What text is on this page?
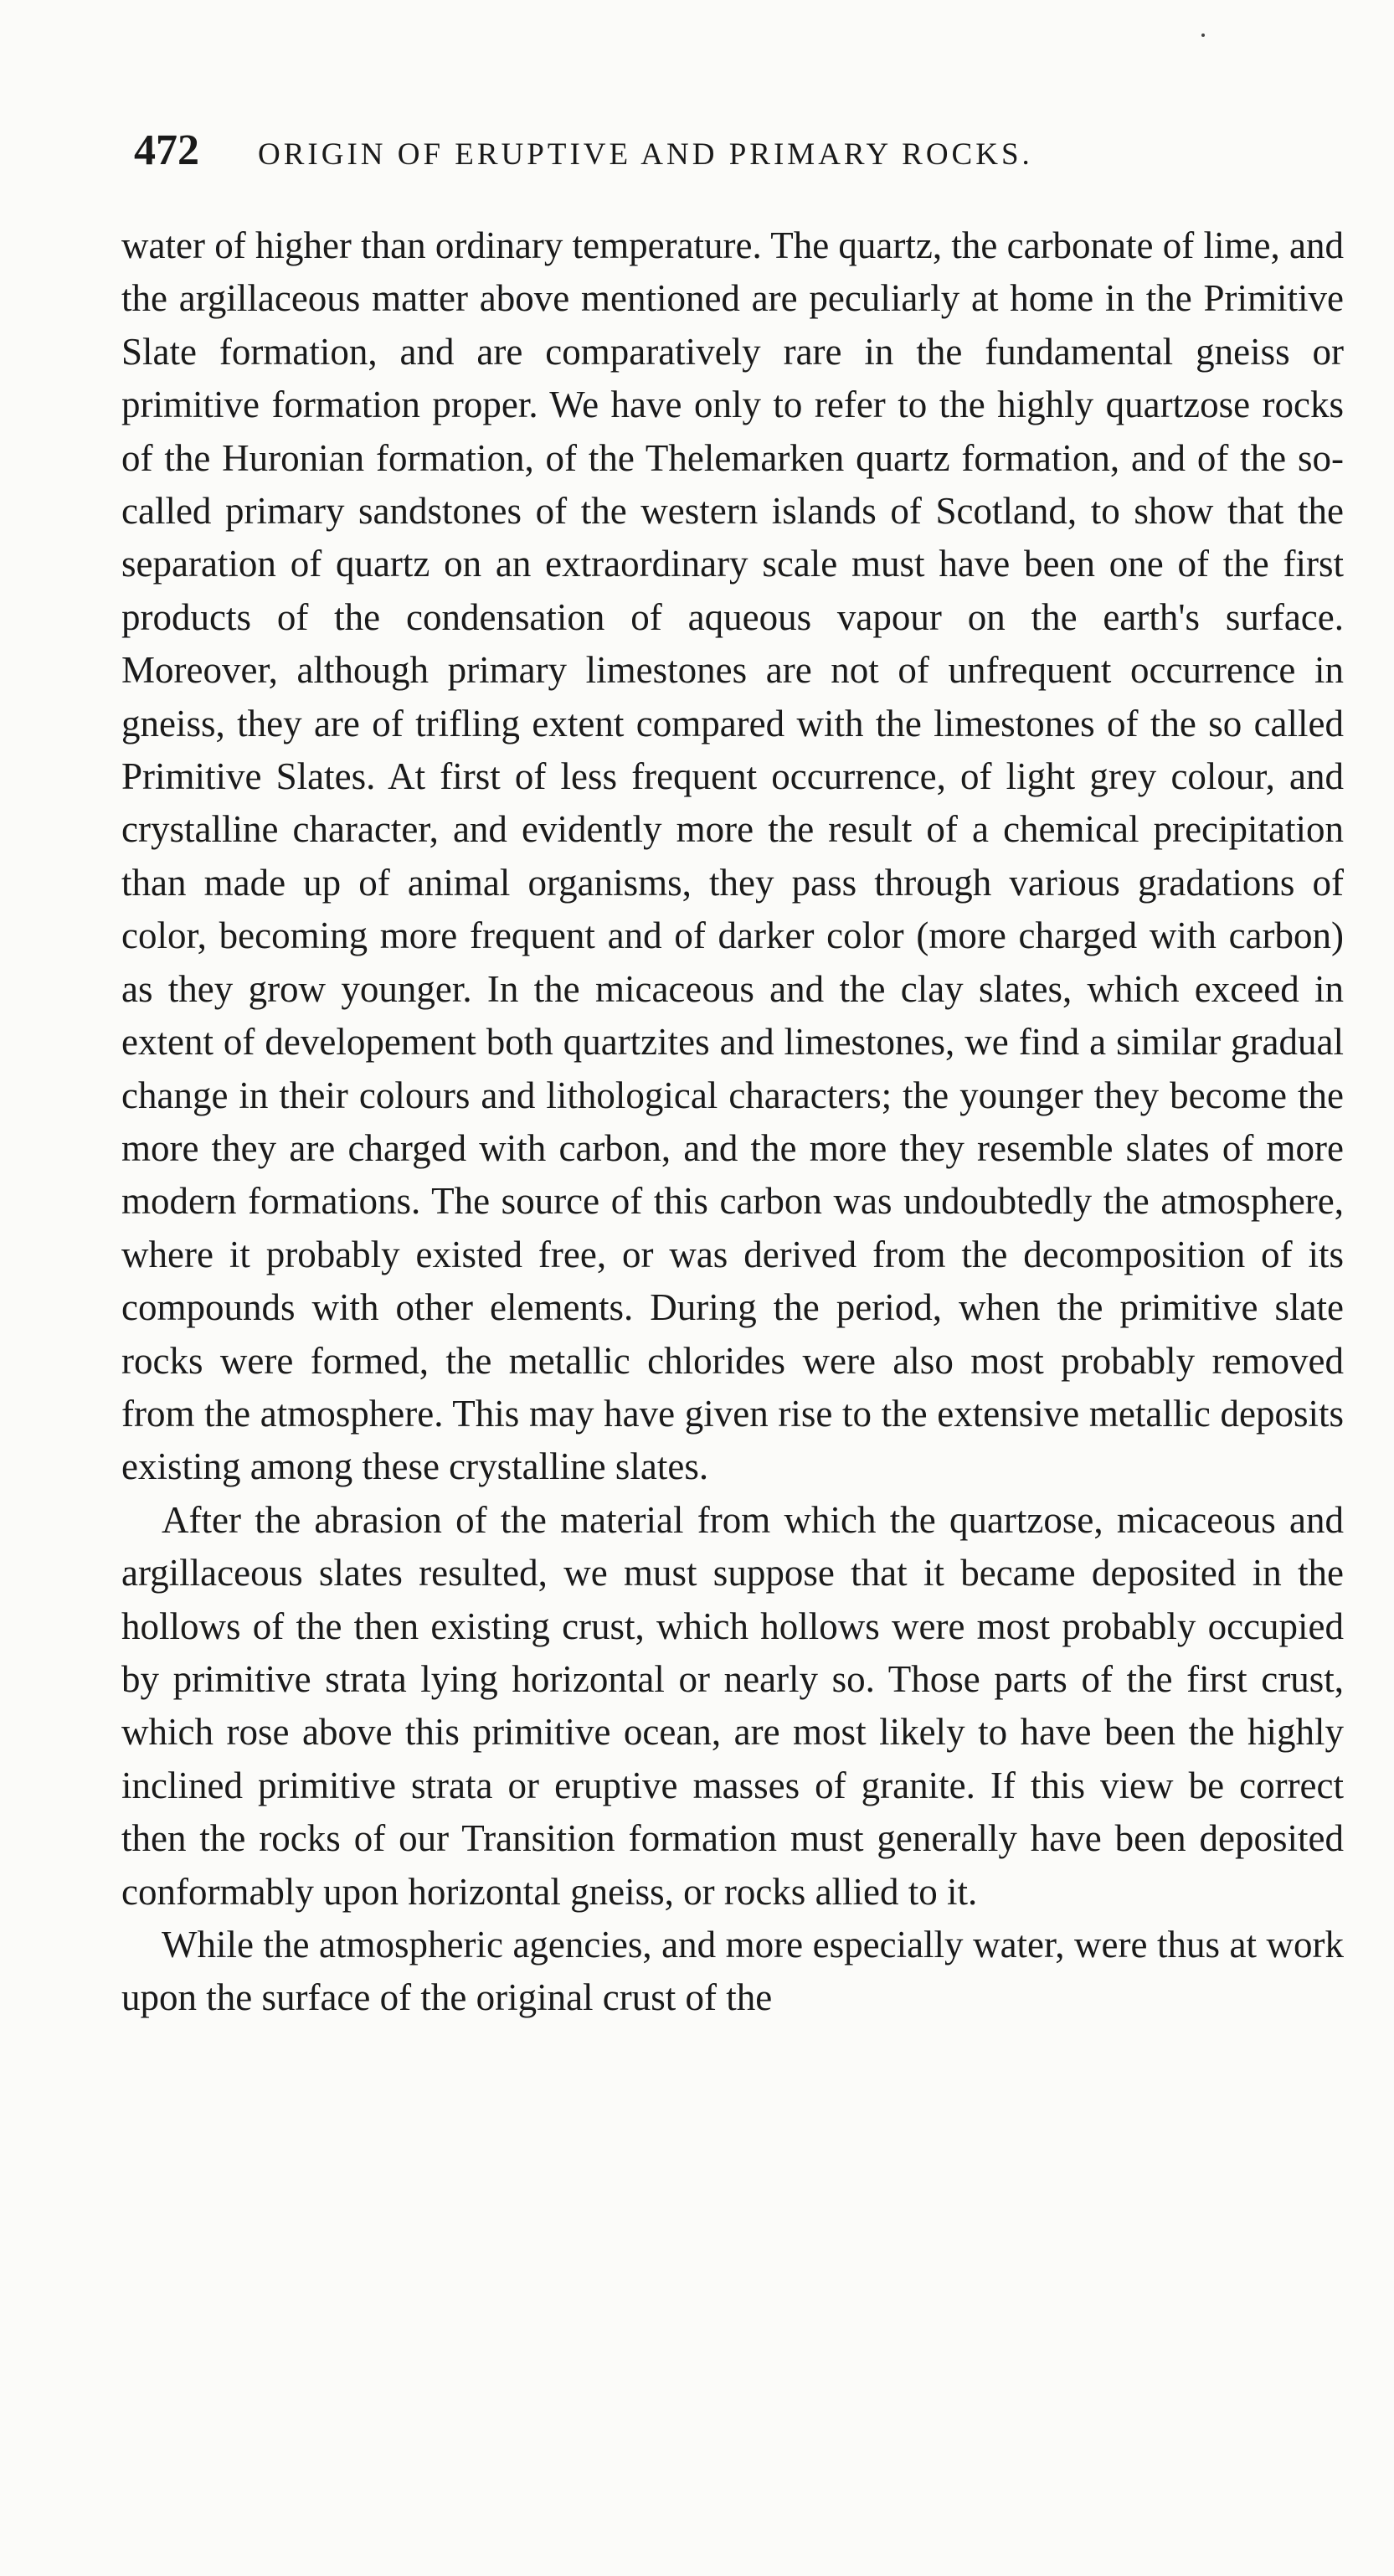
472 ORIGIN OF ERUPTIVE AND PRIMARY ROCKS.

water of higher than ordinary temperature. The quartz, the carbonate of lime, and the argillaceous matter above mentioned are peculiarly at home in the Primitive Slate formation, and are comparatively rare in the fundamental gneiss or primitive formation proper. We have only to refer to the highly quartzose rocks of the Huronian formation, of the Thelemarken quartz formation, and of the so-called primary sandstones of the western islands of Scotland, to show that the separation of quartz on an extraordinary scale must have been one of the first products of the condensation of aqueous vapour on the earth's surface. Moreover, although primary limestones are not of unfrequent occurrence in gneiss, they are of trifling extent compared with the limestones of the so called Primitive Slates. At first of less frequent occurrence, of light grey colour, and crystalline character, and evidently more the result of a chemical precipitation than made up of animal organisms, they pass through various gradations of color, becoming more frequent and of darker color (more charged with carbon) as they grow younger. In the micaceous and the clay slates, which exceed in extent of developement both quartzites and limestones, we find a similar gradual change in their colours and lithological characters; the younger they become the more they are charged with carbon, and the more they resemble slates of more modern formations. The source of this carbon was undoubtedly the atmosphere, where it probably existed free, or was derived from the decomposition of its compounds with other elements. During the period, when the primitive slate rocks were formed, the metallic chlorides were also most probably removed from the atmosphere. This may have given rise to the extensive metallic deposits existing among these crystalline slates.

After the abrasion of the material from which the quartzose, micaceous and argillaceous slates resulted, we must suppose that it became deposited in the hollows of the then existing crust, which hollows were most probably occupied by primitive strata lying horizontal or nearly so. Those parts of the first crust, which rose above this primitive ocean, are most likely to have been the highly inclined primitive strata or eruptive masses of granite. If this view be correct then the rocks of our Transition formation must generally have been deposited conformably upon horizontal gneiss, or rocks allied to it.

While the atmospheric agencies, and more especially water, were thus at work upon the surface of the original crust of the
